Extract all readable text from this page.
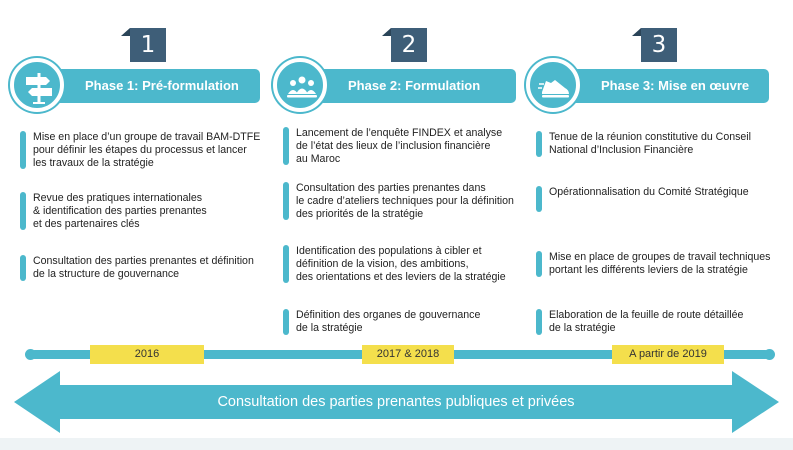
1	2	3
Phase 1: Pré-formulation	Phase 2: Formulation	Phase 3: Mise en œuvre
Mise en place d’un groupe de travail BAM-DTFE
pour définir les étapes du processus et lancer
les travaux de la stratégie
Revue des pratiques internationales
& identification des parties prenantes
et des partenaires clés
Consultation des parties prenantes et définition
de la structure de gouvernance
Lancement de l’enquête FINDEX et analyse
de l’état des lieux de l’inclusion financière
au Maroc
Consultation des parties prenantes dans
le cadre d’ateliers techniques pour la définition
des priorités de la stratégie
Identification des populations à cibler et
définition de la vision, des ambitions,
des orientations et des leviers de la stratégie
Définition des organes de gouvernance
de la stratégie
Tenue de la réunion constitutive du Conseil
National d’Inclusion Financière
Opérationnalisation du Comité Stratégique
Mise en place de groupes de travail techniques
portant les différents leviers de la stratégie
Elaboration de la feuille de route détaillée
de la stratégie
2016	2017 & 2018	A partir de 2019
Consultation des parties prenantes publiques et privées
